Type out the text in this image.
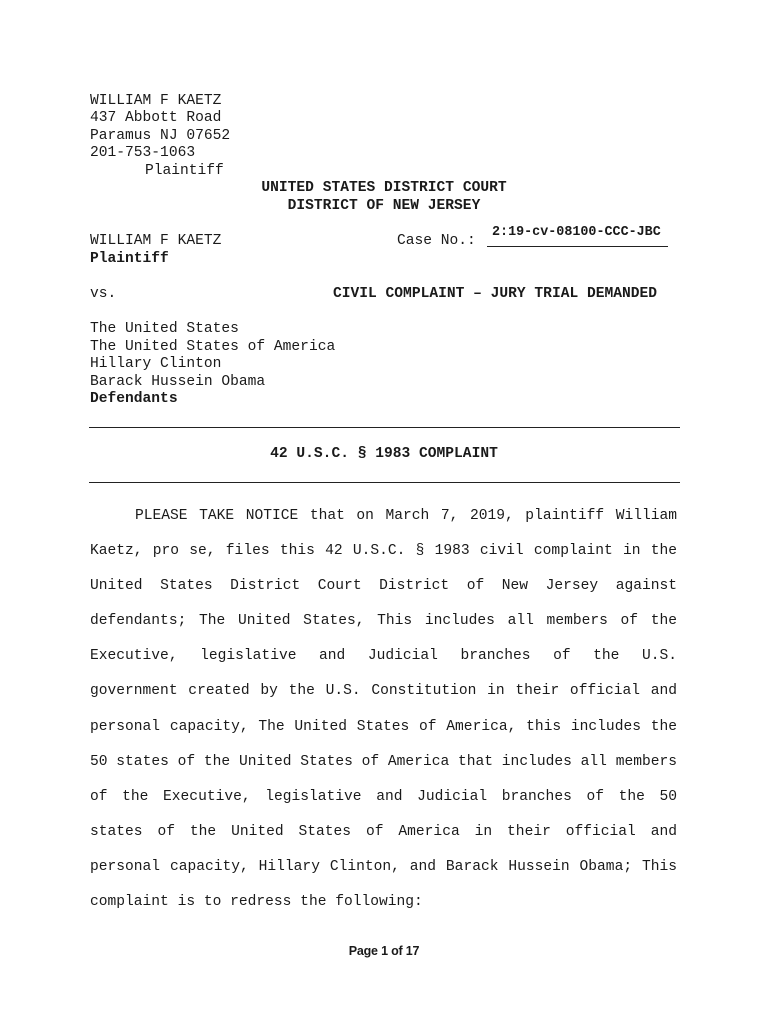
WILLIAM F KAETZ
437 Abbott Road
Paramus NJ 07652
201-753-1063
Plaintiff
UNITED STATES DISTRICT COURT
DISTRICT OF NEW JERSEY
WILLIAM F KAETZ
Plaintiff
Case No.:
2:19-cv-08100-CCC-JBC
vs.	CIVIL COMPLAINT – JURY TRIAL DEMANDED
The United States
The United States of America
Hillary Clinton
Barack Hussein Obama
Defendants
42 U.S.C. § 1983 COMPLAINT
PLEASE TAKE NOTICE that on March 7, 2019, plaintiff William
Kaetz, pro se, files this 42 U.S.C. § 1983 civil complaint in the
United States District Court District of New Jersey against
defendants; The United States, This includes all members of the
Executive, legislative and Judicial branches of the U.S.
government created by the U.S. Constitution in their official and
personal capacity, The United States of America, this includes the
50 states of the United States of America that includes all members
of the Executive, legislative and Judicial branches of the 50
states of the United States of America in their official and
personal capacity, Hillary Clinton, and Barack Hussein Obama; This
complaint is to redress the following:
Page 1 of 17
